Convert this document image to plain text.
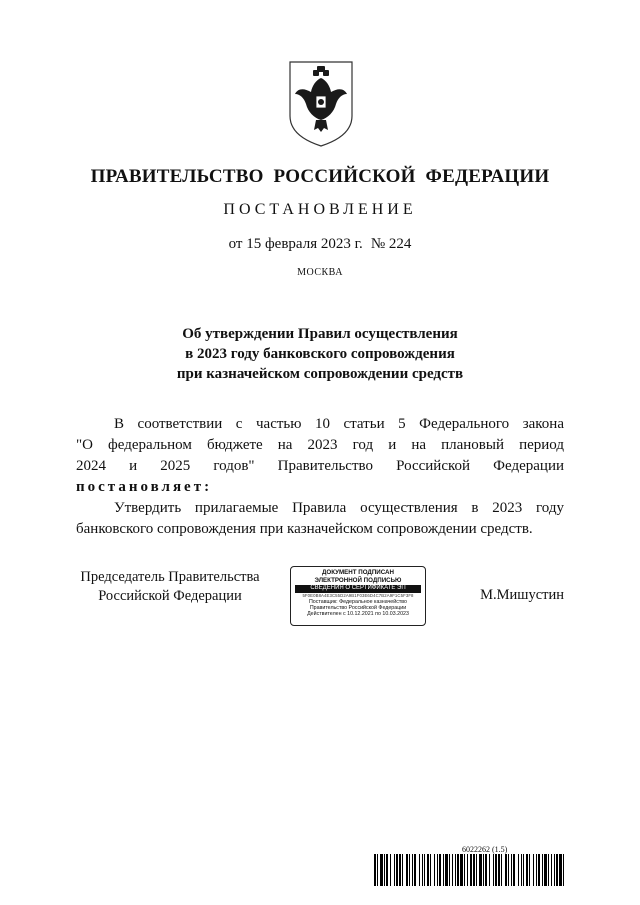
ПРАВИТЕЛЬСТВО РОССИЙСКОЙ ФЕДЕРАЦИИ
ПОСТАНОВЛЕНИЕ
от 15 февраля 2023 г. № 224
МОСКВА
Об утверждении Правил осуществления
в 2023 году банковского сопровождения
при казначейском сопровождении средств

В соответствии с частью 10 статьи 5 Федерального закона

"О федеральном бюджете на 2023 год и на плановый период
2024 и 2025 годов" Правительство Российской Федерации
постановляет:

Утвердить прилагаемые Правила осуществления в 2023 году

банковского сопровождения при казначейском сопровождении средств.
Председатель Правительства
Российской Федерации
ДОКУМЕНТ ПОДПИСАН
ЭЛЕКТРОННОЙ ПОДПИСЬЮ
СВЕДЕНИЯ О СЕРТИФИКАТЕ ЭП
5F0E0B8A4E3C55D2A9B1F03E6D4C7B2A9F1C5F3F8
Поставщик: Федеральное казначейство
Правительство Российской Федерации
Действителен с 10.12.2021 по 10.03.2023
М.Мишустин
6022262 (1.5)
